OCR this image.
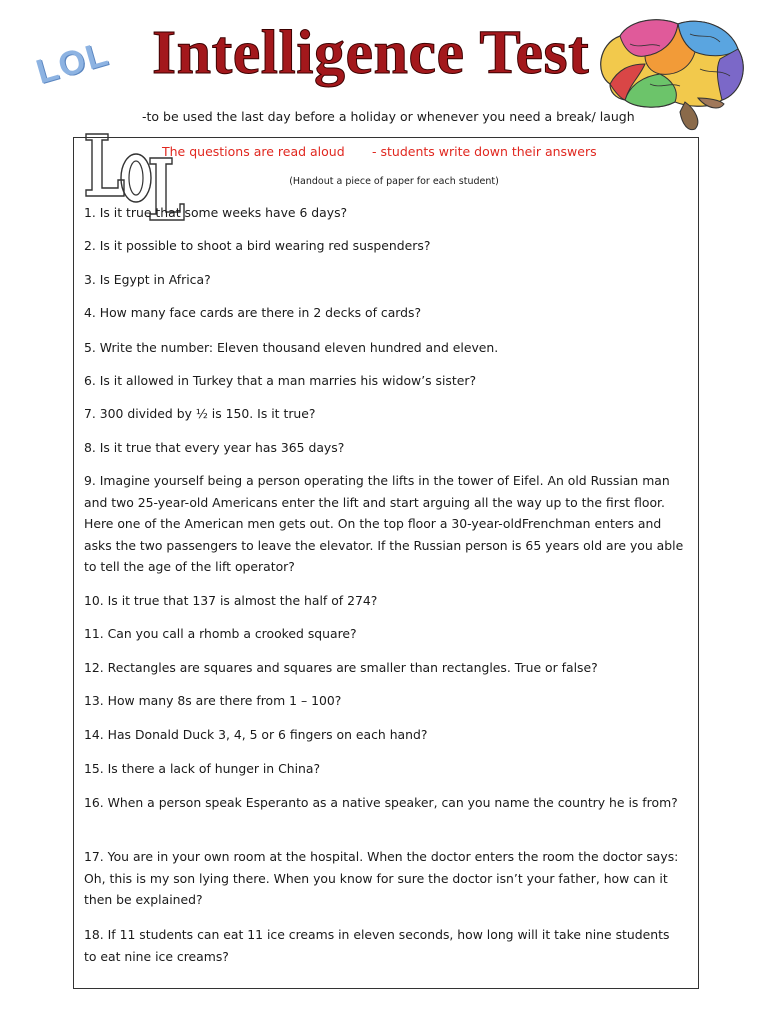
LOL Intelligence Test
-to be used the last day before a holiday or whenever you need a break/ laugh
The questions are read aloud - students write down their answers
(Handout a piece of paper for each student)
1. Is it true that some weeks have 6 days?
2. Is it possible to shoot a bird wearing red suspenders?
3. Is Egypt in Africa?
4. How many face cards are there in 2 decks of cards?
5. Write the number: Eleven thousand eleven hundred and eleven.
6. Is it allowed in Turkey that a man marries his widow’s sister?
7. 300 divided by ½ is 150. Is it true?
8. Is it true that every year has 365 days?
9. Imagine yourself being a person operating the lifts in the tower of Eifel. An old Russian man and two 25-year-old Americans enter the lift and start arguing all the way up to the first floor. Here one of the American men gets out. On the top floor a 30-year-oldFrenchman enters and asks the two passengers to leave the elevator. If the Russian person is 65 years old are you able to tell the age of the lift operator?
10. Is it true that 137 is almost the half of 274?
11. Can you call a rhomb a crooked square?
12. Rectangles are squares and squares are smaller than rectangles. True or false?
13. How many 8s are there from 1 – 100?
14. Has Donald Duck 3, 4, 5 or 6 fingers on each hand?
15. Is there a lack of hunger in China?
16. When a person speak Esperanto as a native speaker, can you name the country he is from?
17. You are in your own room at the hospital. When the doctor enters the room the doctor says: Oh, this is my son lying there. When you know for sure the doctor isn’t your father, how can it then be explained?
18. If 11 students can eat 11 ice creams in eleven seconds, how long will it take nine students to eat nine ice creams?
